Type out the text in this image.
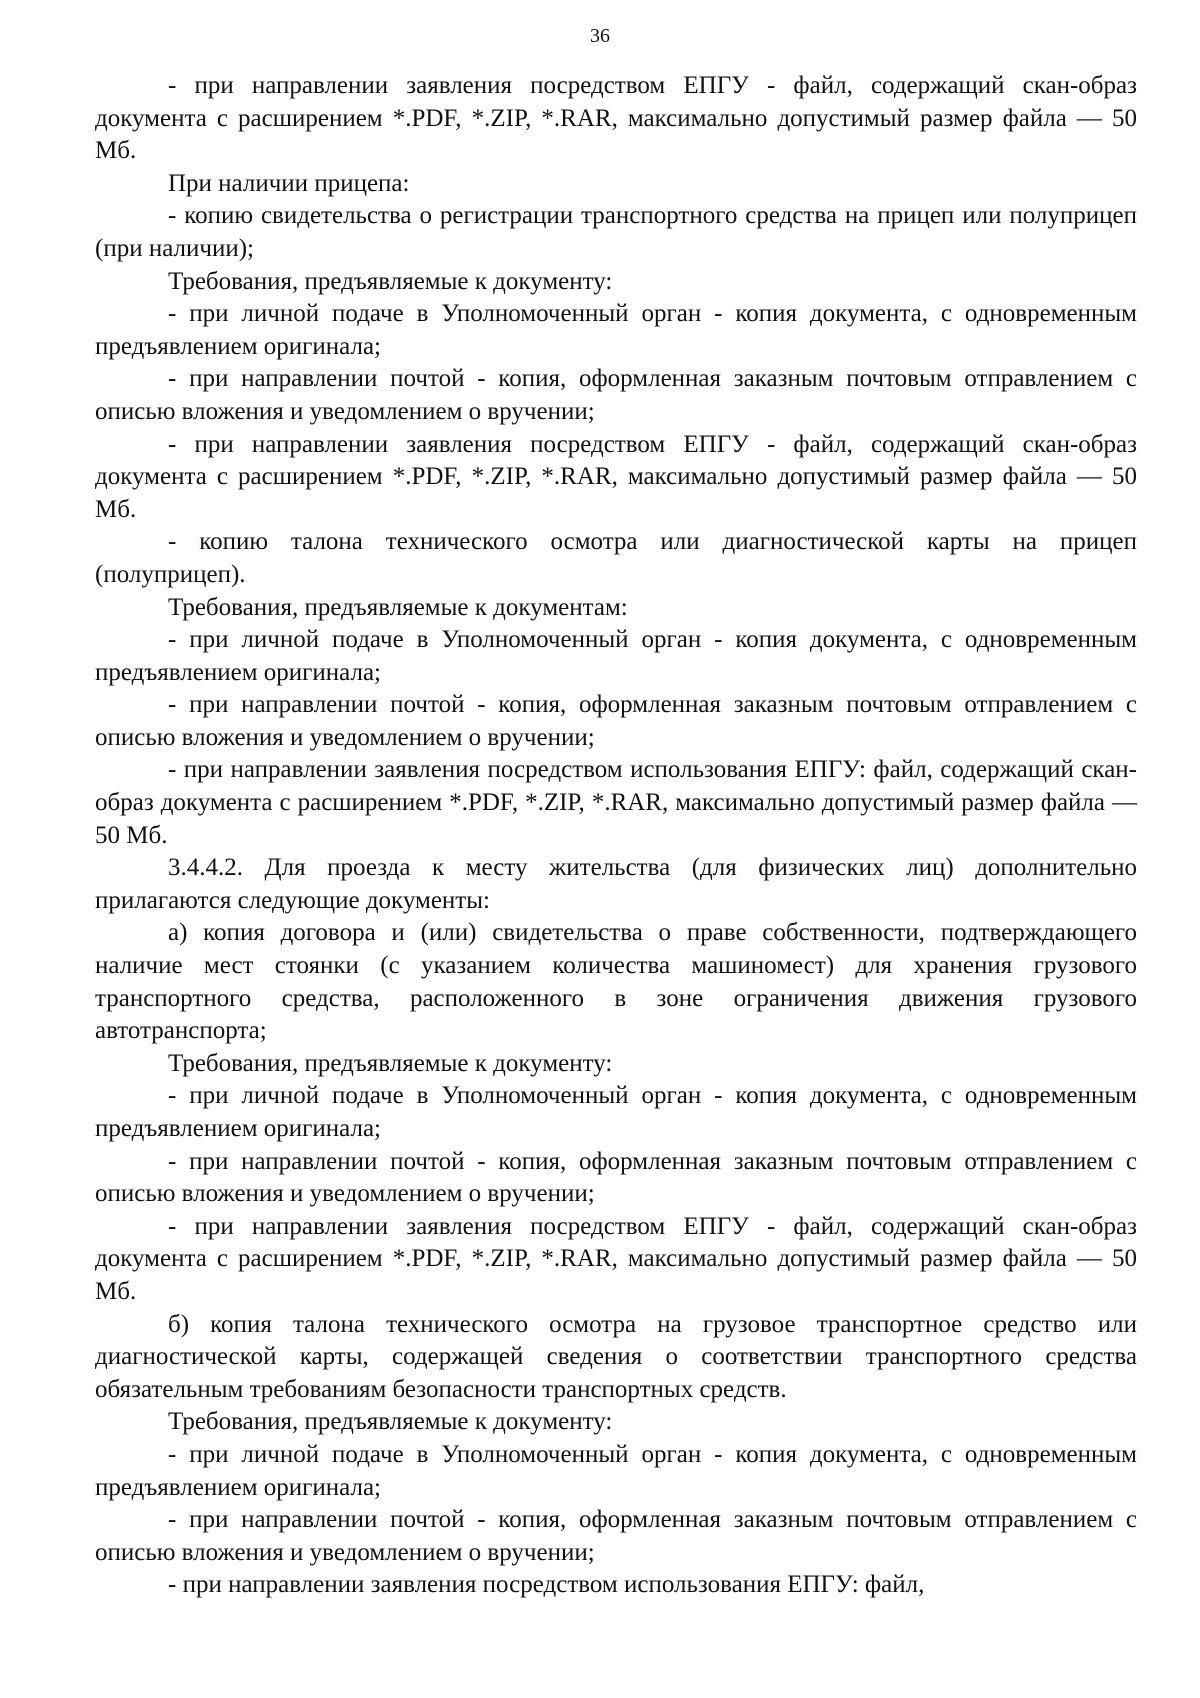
36

- при направлении заявления посредством ЕПГУ - файл, содержащий скан-образ документа с расширением *.PDF, *.ZIP, *.RAR, максимально допустимый размер файла — 50 Мб.

При наличии прицепа:

- копию свидетельства о регистрации транспортного средства на прицеп или полуприцеп (при наличии);

Требования, предъявляемые к документу:

- при личной подаче в Уполномоченный орган - копия документа, с одновременным предъявлением оригинала;

- при направлении почтой - копия, оформленная заказным почтовым отправлением с описью вложения и уведомлением о вручении;

- при направлении заявления посредством ЕПГУ - файл, содержащий скан-образ документа с расширением *.PDF, *.ZIP, *.RAR, максимально допустимый размер файла — 50 Мб.

- копию талона технического осмотра или диагностической карты на прицеп (полуприцеп).

Требования, предъявляемые к документам:

- при личной подаче в Уполномоченный орган - копия документа, с одновременным предъявлением оригинала;

- при направлении почтой - копия, оформленная заказным почтовым отправлением с описью вложения и уведомлением о вручении;

- при направлении заявления посредством использования ЕПГУ: файл, содержащий скан-образ документа с расширением *.PDF, *.ZIP, *.RAR, максимально допустимый размер файла — 50 Мб.

3.4.4.2. Для проезда к месту жительства (для физических лиц) дополнительно прилагаются следующие документы:

а) копия договора и (или) свидетельства о праве собственности, подтверждающего наличие мест стоянки (с указанием количества машиномест) для хранения грузового транспортного средства, расположенного в зоне ограничения движения грузового автотранспорта;

Требования, предъявляемые к документу:

- при личной подаче в Уполномоченный орган - копия документа, с одновременным предъявлением оригинала;

- при направлении почтой - копия, оформленная заказным почтовым отправлением с описью вложения и уведомлением о вручении;

- при направлении заявления посредством ЕПГУ - файл, содержащий скан-образ документа с расширением *.PDF, *.ZIP, *.RAR, максимально допустимый размер файла — 50 Мб.

б) копия талона технического осмотра на грузовое транспортное средство или диагностической карты, содержащей сведения о соответствии транспортного средства обязательным требованиям безопасности транспортных средств.

Требования, предъявляемые к документу:

- при личной подаче в Уполномоченный орган - копия документа, с одновременным предъявлением оригинала;

- при направлении почтой - копия, оформленная заказным почтовым отправлением с описью вложения и уведомлением о вручении;

- при направлении заявления посредством использования ЕПГУ: файл,
